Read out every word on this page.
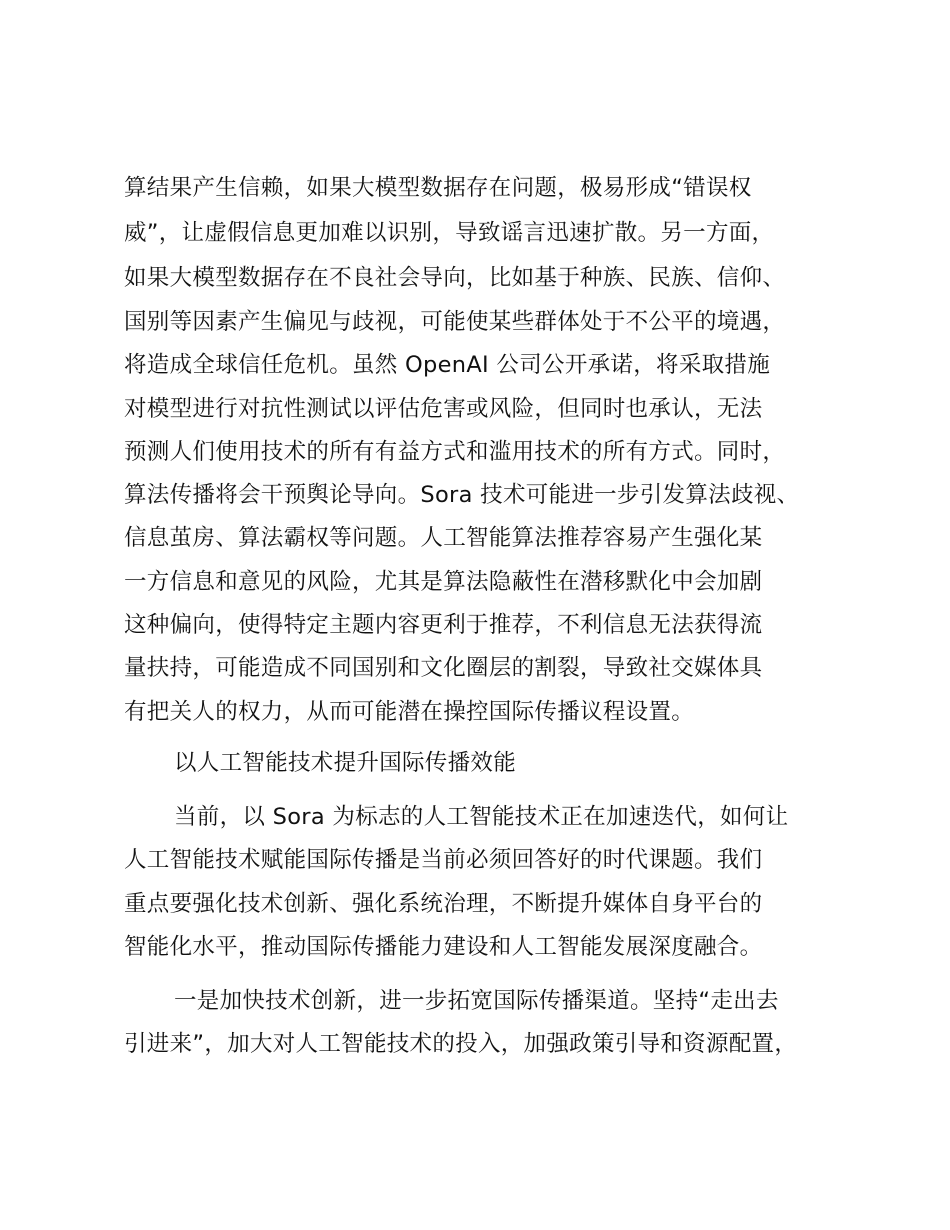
算结果产生信赖，如果大模型数据存在问题，极易形成“错误权
威”，让虚假信息更加难以识别，导致谣言迅速扩散。另一方面，
如果大模型数据存在不良社会导向，比如基于种族、民族、信仰、
国别等因素产生偏见与歧视，可能使某些群体处于不公平的境遇，
将造成全球信任危机。虽然 OpenAI 公司公开承诺，将采取措施
对模型进行对抗性测试以评估危害或风险，但同时也承认，无法
预测人们使用技术的所有有益方式和滥用技术的所有方式。同时，
算法传播将会干预舆论导向。Sora 技术可能进一步引发算法歧视、
信息茧房、算法霸权等问题。人工智能算法推荐容易产生强化某
一方信息和意见的风险，尤其是算法隐蔽性在潜移默化中会加剧
这种偏向，使得特定主题内容更利于推荐，不利信息无法获得流
量扶持，可能造成不同国别和文化圈层的割裂，导致社交媒体具
有把关人的权力，从而可能潜在操控国际传播议程设置。
以人工智能技术提升国际传播效能
当前，以 Sora 为标志的人工智能技术正在加速迭代，如何让
人工智能技术赋能国际传播是当前必须回答好的时代课题。我们
重点要强化技术创新、强化系统治理，不断提升媒体自身平台的
智能化水平，推动国际传播能力建设和人工智能发展深度融合。
一是加快技术创新，进一步拓宽国际传播渠道。坚持“走出去
引进来”，加大对人工智能技术的投入，加强政策引导和资源配置，
